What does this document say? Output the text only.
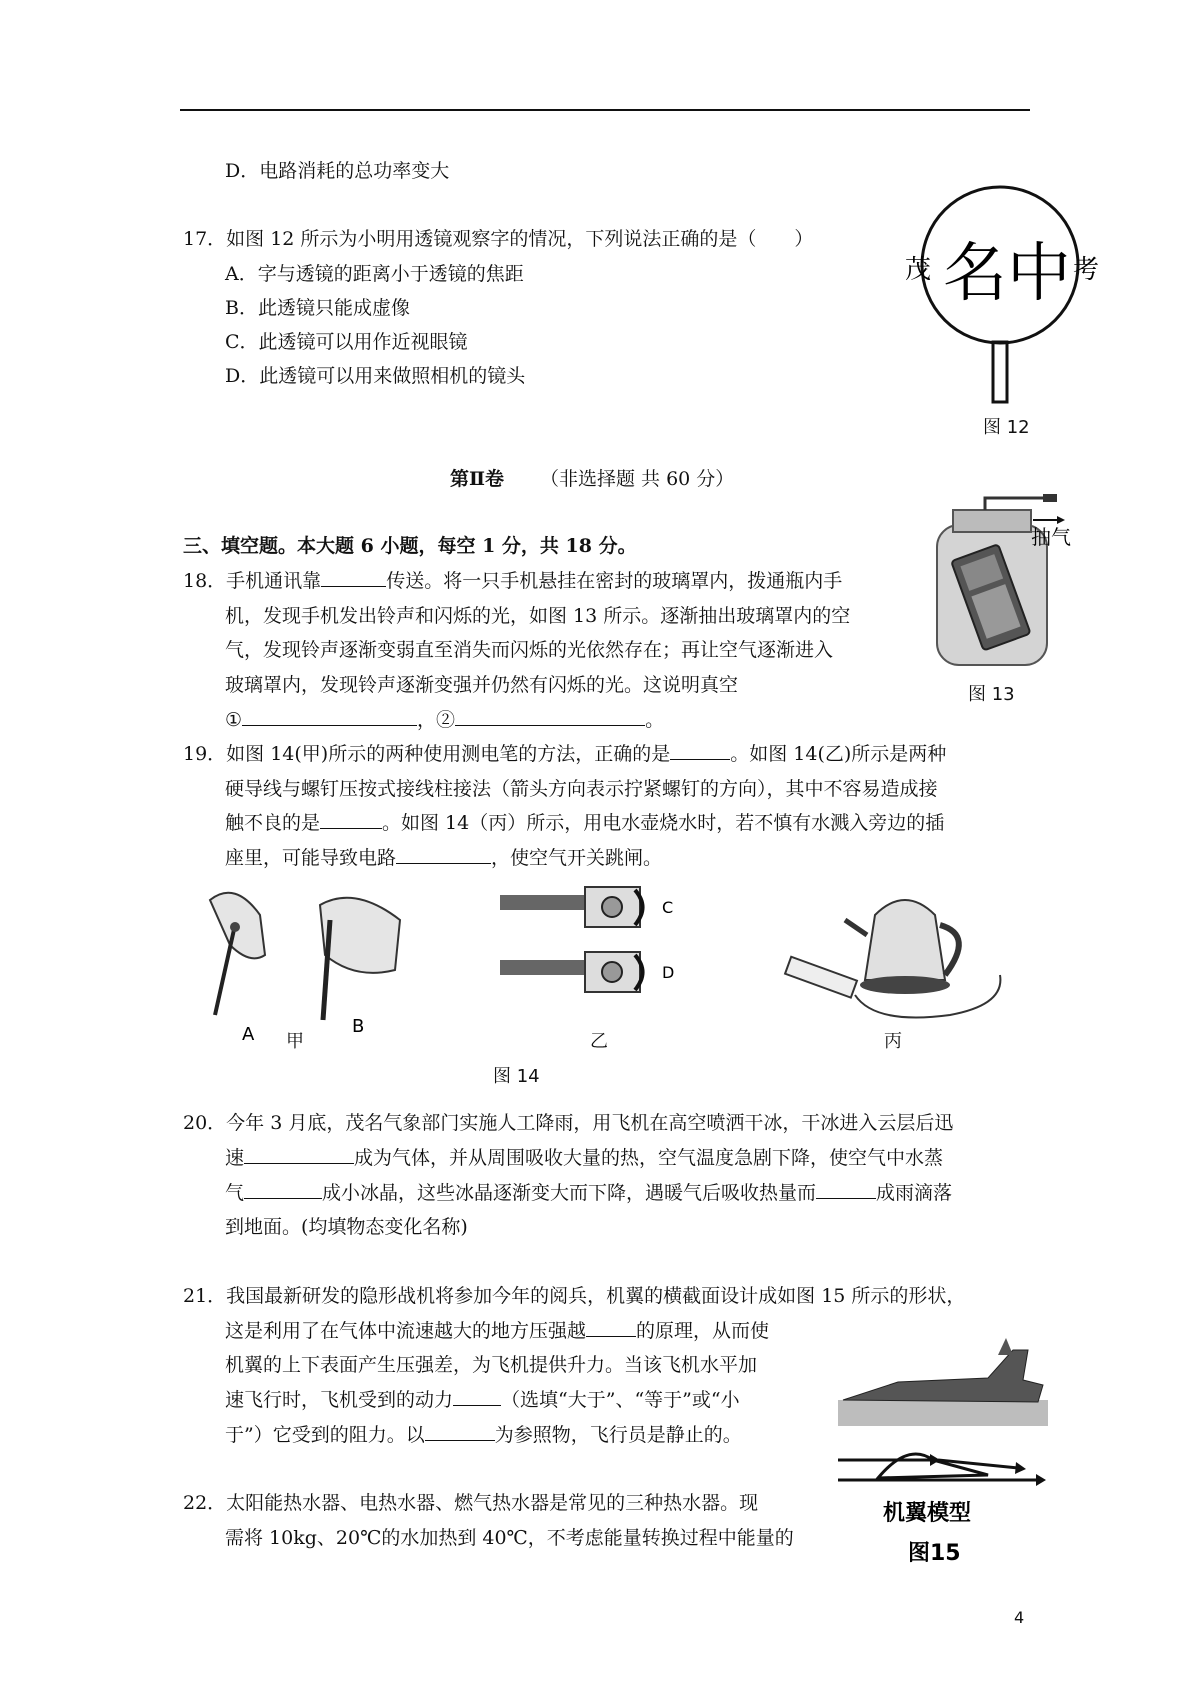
D．电路消耗的总功率变大
17．如图 12 所示为小明用透镜观察字的情况，下列说法正确的是（　　）
A．字与透镜的距离小于透镜的焦距
B．此透镜只能成虚像
C．此透镜可以用作近视眼镜
D．此透镜可以用来做照相机的镜头
茂 名 中 考
图 12
第Ⅱ卷 （非选择题 共 60 分）
三、填空题。本大题 6 小题，每空 1 分，共 18 分。	抽气
图 13
18．手机通讯靠	传送。将一只手机悬挂在密封的玻璃罩内，拨通瓶内手
机，发现手机发出铃声和闪烁的光，如图 13 所示。逐渐抽出玻璃罩内的空
气，发现铃声逐渐变弱直至消失而闪烁的光依然存在；再让空气逐渐进入
玻璃罩内，发现铃声逐渐变强并仍然有闪烁的光。这说明真空
①	，②	。
19．如图 14(甲)所示的两种使用测电笔的方法，正确的是	。如图 14(乙)所示是两种
硬导线与螺钉压按式接线柱接法（箭头方向表示拧紧螺钉的方向），其中不容易造成接
触不良的是	。如图 14（丙）所示，用电水壶烧水时，若不慎有水溅入旁边的插
座里，可能导致电路	，使空气开关跳闸。
A	B
甲
C
D
乙	丙
图 14
20．今年 3 月底，茂名气象部门实施人工降雨，用飞机在高空喷洒干冰，干冰进入云层后迅
速	成为气体，并从周围吸收大量的热，空气温度急剧下降，使空气中水蒸
气	成小冰晶，这些冰晶逐渐变大而下降，遇暖气后吸收热量而	成雨滴落
到地面。(均填物态变化名称)
21．我国最新研发的隐形战机将参加今年的阅兵，机翼的横截面设计成如图 15 所示的形状，
这是利用了在气体中流速越大的地方压强越	的原理，从而使
机翼的上下表面产生压强差，为飞机提供升力。当该飞机水平加
速飞行时，飞机受到的动力	（选填“大于”、“等于”或“小
于”）它受到的阻力。以	为参照物，飞行员是静止的。
机翼模型
图15
22．太阳能热水器、电热水器、燃气热水器是常见的三种热水器。现
需将 10kg、20℃的水加热到 40℃，不考虑能量转换过程中能量的
4
